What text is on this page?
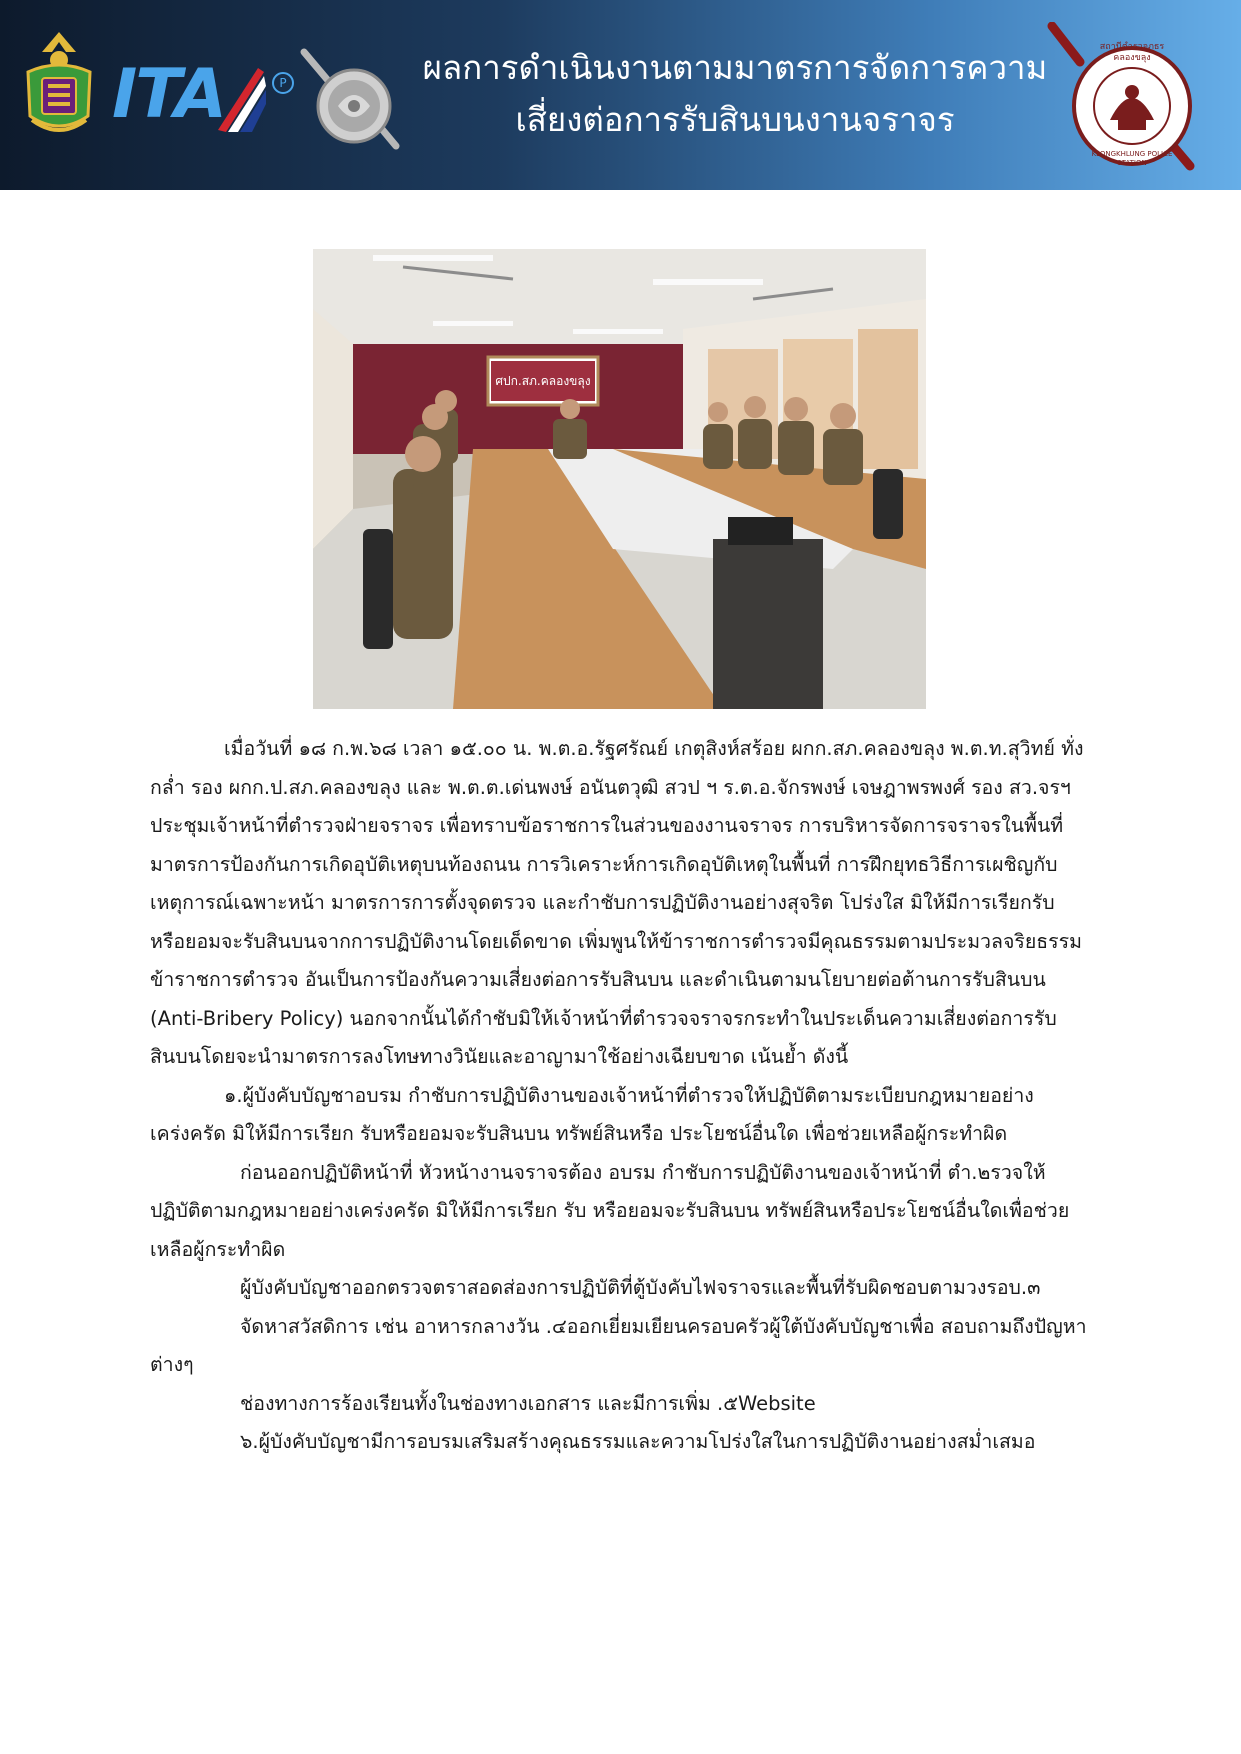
ITA	P	ผลการดำเนินงานตามมาตรการจัดการความ
เสี่ยงต่อการรับสินบนงานจราจร
สถานีตำรวจภูธรคลองขลุง
KLONGKHLUNG POLICE STATION
ศปก.สภ.คลองขลุง

เมื่อวันที่ ๑๘ ก.พ.๖๘ เวลา ๑๕.๐๐ น. พ.ต.อ.รัฐศรัณย์ เกตุสิงห์สร้อย ผกก.สภ.คลองขลุง พ.ต.ท.สุวิทย์ ทั่งกล่ำ รอง ผกก.ป.สภ.คลองขลุง และ พ.ต.ต.เด่นพงษ์ อนันตวุฒิ สวป ฯ ร.ต.อ.จักรพงษ์ เจษฎาพรพงศ์ รอง สว.จรฯ ประชุมเจ้าหน้าที่ตำรวจฝ่ายจราจร เพื่อทราบข้อราชการในส่วนของงานจราจร การบริหารจัดการจราจรในพื้นที่ มาตรการป้องกันการเกิดอุบัติเหตุบนท้องถนน การวิเคราะห์การเกิดอุบัติเหตุในพื้นที่ การฝึกยุทธวิธีการเผชิญกับเหตุการณ์เฉพาะหน้า มาตรการการตั้งจุดตรวจ และกำชับการปฏิบัติงานอย่างสุจริต โปร่งใส มิให้มีการเรียกรับ หรือยอมจะรับสินบนจากการปฏิบัติงานโดยเด็ดขาด เพิ่มพูนให้ข้าราชการตำรวจมีคุณธรรมตามประมวลจริยธรรมข้าราชการตำรวจ อันเป็นการป้องกันความเสี่ยงต่อการรับสินบน และดำเนินตามนโยบายต่อต้านการรับสินบน (Anti-Bribery Policy) นอกจากนั้นได้กำชับมิให้เจ้าหน้าที่ตำรวจจราจรกระทำในประเด็นความเสี่ยงต่อการรับสินบนโดยจะนำมาตรการลงโทษทางวินัยและอาญามาใช้อย่างเฉียบขาด เน้นย้ำ ดังนี้

๑.ผู้บังคับบัญชาอบรม กำชับการปฏิบัติงานของเจ้าหน้าที่ตำรวจให้ปฏิบัติตามระเบียบกฎหมายอย่างเคร่งครัด มิให้มีการเรียก รับหรือยอมจะรับสินบน ทรัพย์สินหรือ ประโยชน์อื่นใด เพื่อช่วยเหลือผู้กระทำผิด

ก่อนออกปฏิบัติหน้าที่ หัวหน้างานจราจรต้อง อบรม กำชับการปฏิบัติงานของเจ้าหน้าที่ ตำ.๒รวจให้ปฏิบัติตามกฎหมายอย่างเคร่งครัด มิให้มีการเรียก รับ หรือยอมจะรับสินบน ทรัพย์สินหรือประโยชน์อื่นใดเพื่อช่วยเหลือผู้กระทำผิด

ผู้บังคับบัญชาออกตรวจตราสอดส่องการปฏิบัติที่ตู้บังคับไฟจราจรและพื้นที่รับผิดชอบตามวงรอบ.๓

จัดหาสวัสดิการ เช่น อาหารกลางวัน .๔ออกเยี่ยมเยียนครอบครัวผู้ใต้บังคับบัญชาเพื่อ สอบถามถึงปัญหาต่างๆ

ช่องทางการร้องเรียนทั้งในช่องทางเอกสาร และมีการเพิ่ม .๕Website

๖.ผู้บังคับบัญชามีการอบรมเสริมสร้างคุณธรรมและความโปร่งใสในการปฏิบัติงานอย่างสม่ำเสมอ
